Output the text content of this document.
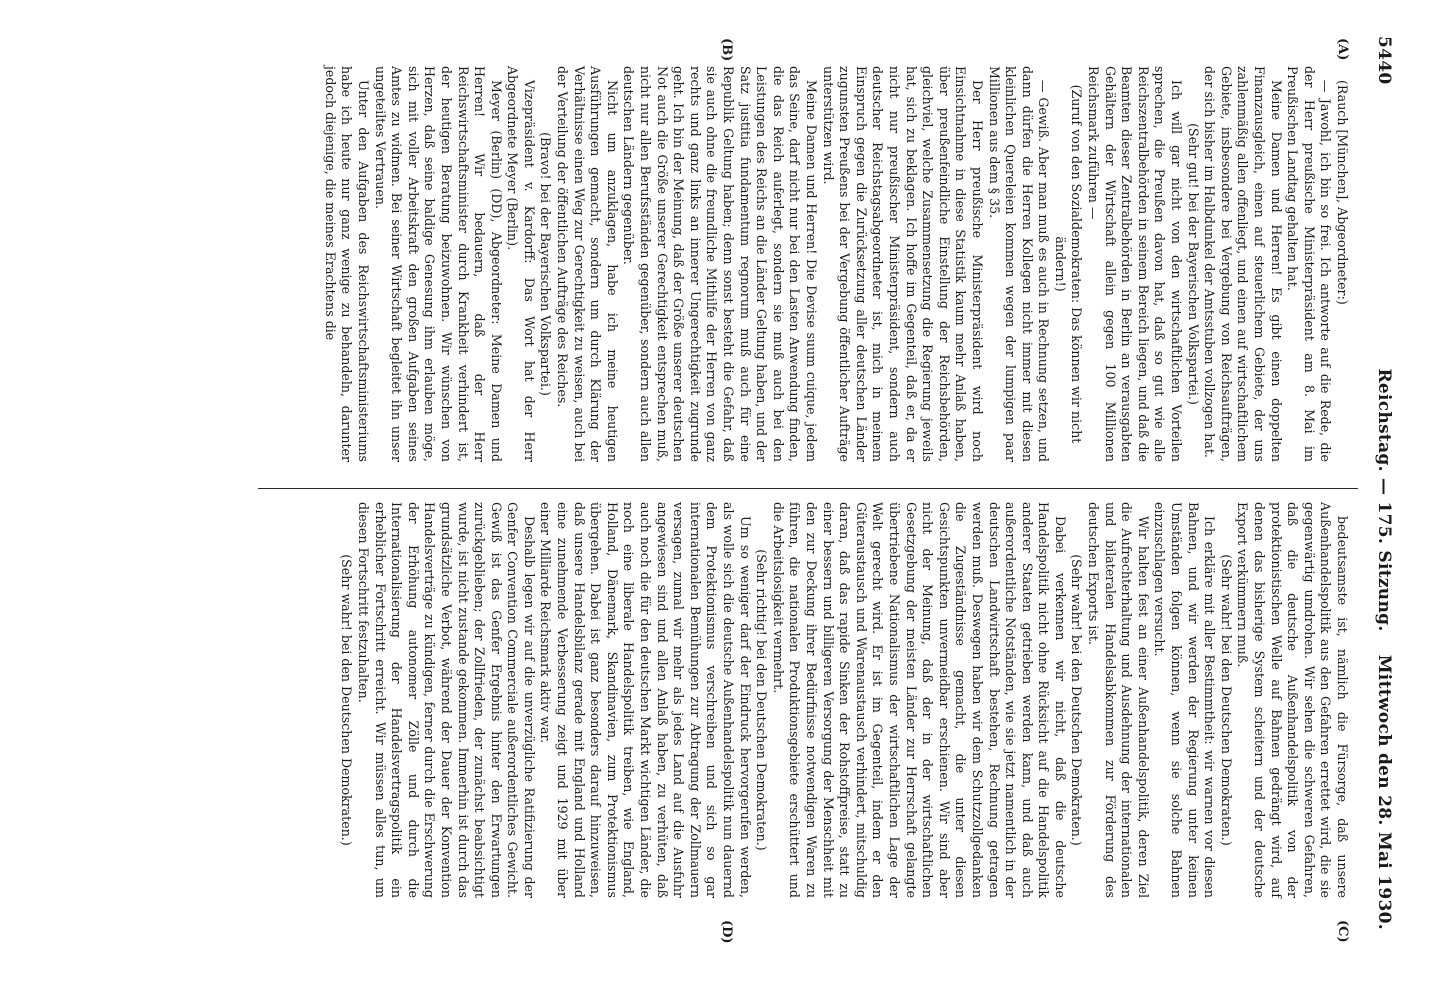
5440
Reichstag. — 175. Sitzung.
Mittwoch den 28. Mai 1930.
(A)
(B)
(C)
(D)

(Rauch [München], Abgeordneter:)

— Jawohl, ich bin so frei. Ich antworte auf die Rede, die der Herr preußische Ministerpräsident am 8. Mai im Preußischen Landtag gehalten hat.

Meine Damen und Herren! Es gibt einen doppelten Finanzausgleich, einen auf steuerlichem Gebiete, der uns zahlenmäßig allen offenliegt, und einen auf wirtschaftlichem Gebiete, insbesondere bei Vergebung von Reichsaufträgen, der sich bisher im Halbdunkel der Amtsstuben vollzogen hat.

(Sehr gut! bei der Bayerischen Volkspartei.)

Ich will gar nicht von den wirtschaftlichen Vorteilen sprechen, die Preußen davon hat, daß so gut wie alle Reichszentralbehörden in seinem Bereich liegen, und daß die Beamten dieser Zentralbehörden in Berlin an verausgabten Gehältern der Wirtschaft allein gegen 100 Millionen Reichsmark zuführen —

(Zuruf von den Sozialdemokraten: Das können wir nicht ändern!)

— Gewiß. Aber man muß es auch in Rechnung setzen, und dann dürfen die Herren Kollegen nicht immer mit diesen kleinlichen Quereleien kommen wegen der lumpigen paar Millionen aus dem § 35.

Der Herr preußische Ministerpräsident wird noch Einsichtnahme in diese Statistik kaum mehr Anlaß haben, über preußenfeindliche Einstellung der Reichsbehörden, gleichviel, welche Zusammensetzung die Regierung jeweils hat, sich zu beklagen. Ich hoffe im Gegenteil, daß er, da er nicht nur preußischer Ministerpräsident, sondern auch deutscher Reichstagsabgeordneter ist, mich in meinem Einspruch gegen die Zurücksetzung aller deutschen Länder zugunsten Preußens bei der Vergebung öffentlicher Aufträge unterstützen wird.

Meine Damen und Herren! Die Devise suum cuique, jedem das Seine, darf nicht nur bei den Lasten Anwendung finden, die das Reich auferlegt, sondern sie muß auch bei den Leistungen des Reichs an die Länder Geltung haben, und der Satz justitia fundamentum regnorum muß auch für eine Republik Geltung haben; denn sonst besteht die Gefahr, daß sie auch ohne die freundliche Mithilfe der Herren von ganz rechts und ganz links an innerer Ungerechtigkeit zugrunde geht. Ich bin der Meinung, daß der Größe unserer deutschen Not auch die Größe unserer Gerechtigkeit entsprechen muß, nicht nur allen Berufsständen gegenüber, sondern auch allen deutschen Ländern gegenüber.

Nicht um anzuklagen, habe ich meine heutigen Ausführungen gemacht, sondern um durch Klärung der Verhältnisse einen Weg zur Gerechtigkeit zu weisen, auch bei der Verteilung der öffentlichen Aufträge des Reiches.

(Bravo! bei der Bayerischen Volkspartei.)

Vizepräsident v. Kardorff: Das Wort hat der Herr Abgeordnete Meyer (Berlin).

Meyer (Berlin) (DD), Abgeordneter: Meine Damen und Herren! Wir bedauern, daß der Herr Reichswirtschaftsminister durch Krankheit verhindert ist, der heutigen Beratung beizuwohnen. Wir wünschen von Herzen, daß seine baldige Genesung ihm erlauben möge, sich mit voller Arbeitskraft den großen Aufgaben seines Amtes zu widmen. Bei seiner Wirtschaft begleitet ihn unser ungeteiltes Vertrauen.

Unter den Aufgaben des Reichswirtschaftsministeriums habe ich heute nur ganz wenige zu behandeln, darunter jedoch diejenige, die meines Erachtens die

bedeutsamste ist, nämlich die Fürsorge, daß unsere Außenhandelspolitik aus den Gefahren errettet wird, die sie gegenwärtig umdrohen. Wir sehen die schweren Gefahren, daß die deutsche Außenhandelspolitik von der protektionistischen Welle auf Bahnen gedrängt wird, auf denen das bisherige System scheitern und der deutsche Export verkümmern muß.

(Sehr wahr! bei den Deutschen Demokraten.)

Ich erkläre mit aller Bestimmtheit: wir warnen vor diesen Bahnen, und wir werden der Regierung unter keinen Umständen folgen können, wenn sie solche Bahnen einzuschlagen versucht.

Wir halten fest an einer Außenhandelspolitik, deren Ziel die Aufrechterhaltung und Ausdehnung der internationalen und bilateralen Handelsabkommen zur Förderung des deutschen Exports ist.

(Sehr wahr! bei den Deutschen Demokraten.)

Dabei verkennen wir nicht, daß die deutsche Handelspolitik nicht ohne Rücksicht auf die Handelspolitik anderer Staaten getrieben werden kann, und daß auch außerordentliche Notständen, wie sie jetzt namentlich in der deutschen Landwirtschaft bestehen, Rechnung getragen werden muß. Deswegen haben wir dem Schutzzollgedanken die Zugeständnisse gemacht, die unter diesen Gesichtspunkten unvermeidbar erschienen. Wir sind aber nicht der Meinung, daß der in der wirtschaftlichen Gesetzgebung der meisten Länder zur Herrschaft gelangte übertriebene Nationalismus der wirtschaftlichen Lage der Welt gerecht wird. Er ist im Gegenteil, indem er den Güteraustausch und Warenaustausch verhindert, mitschuldig daran, daß das rapide Sinken der Rohstoffpreise, statt zu einer bessern und billigeren Versorgung der Menschheit mit den zur Deckung ihrer Bedürfnisse notwendigen Waren zu führen, die nationalen Produktionsgebiete erschüttert und die Arbeitslosigkeit vermehrt.

(Sehr richtig! bei den Deutschen Demokraten.)

Um so weniger darf der Eindruck hervorgerufen werden, als wolle sich die deutsche Außenhandelspolitik nun dauernd dem Protektionismus verschreiben und sich so gar internationalen Bemühungen zur Abtragung der Zollmauern versagen, zumal wir mehr als jedes Land auf die Ausfuhr angewiesen sind und allen Anlaß haben, zu verhüten, daß auch noch die für den deutschen Markt wichtigen Länder, die noch eine liberale Handelspolitik treiben, wie England, Holland, Dänemark, Skandinavien, zum Protektionismus übergehen. Dabei ist ganz besonders darauf hinzuweisen, daß unsere Handelsbilanz gerade mit England und Holland eine zunehmende Verbesserung zeigt und 1929 mit über einer Milliarde Reichsmark aktiv war.

Deshalb legen wir auf die unverzügliche Ratifizierung der Genfer Convention Commerciale außerordentliches Gewicht. Gewiß ist das Genfer Ergebnis hinter den Erwartungen zurückgeblieben; der Zollfrieden, der zunächst beabsichtigt wurde, ist nicht zustande gekommen. Immerhin ist durch das grundsätzliche Verbot, während der Dauer der Konvention Handelsverträge zu kündigen, ferner durch die Erschwerung der Erhöhung autonomer Zölle und durch die Internationalisierung der Handelsvertragspolitik ein erheblicher Fortschritt erreicht. Wir müssen alles tun, um diesen Fortschritt festzuhalten.

(Sehr wahr! bei den Deutschen Demokraten.)
